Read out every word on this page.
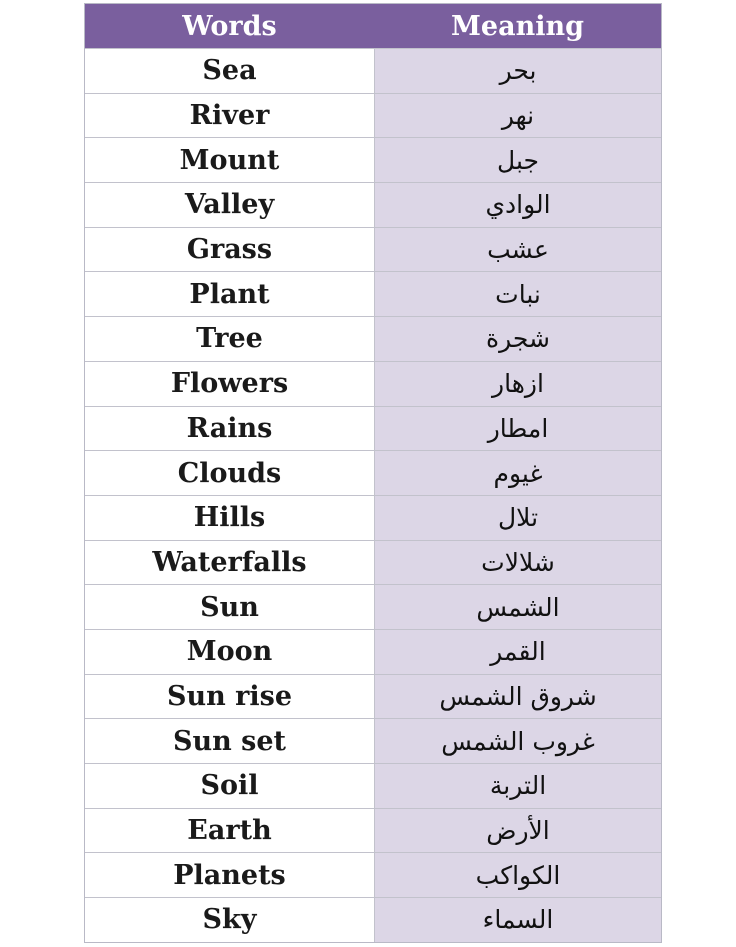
Words	Meaning
Sea	بحر
River	نهر
Mount	جبل
Valley	الوادي
Grass	عشب
Plant	نبات
Tree	شجرة
Flowers	ازهار
Rains	امطار
Clouds	غيوم
Hills	تلال
Waterfalls	شلالات
Sun	الشمس
Moon	القمر
Sun rise	شروق الشمس
Sun set	غروب الشمس
Soil	التربة
Earth	الأرض
Planets	الكواكب
Sky	السماء
